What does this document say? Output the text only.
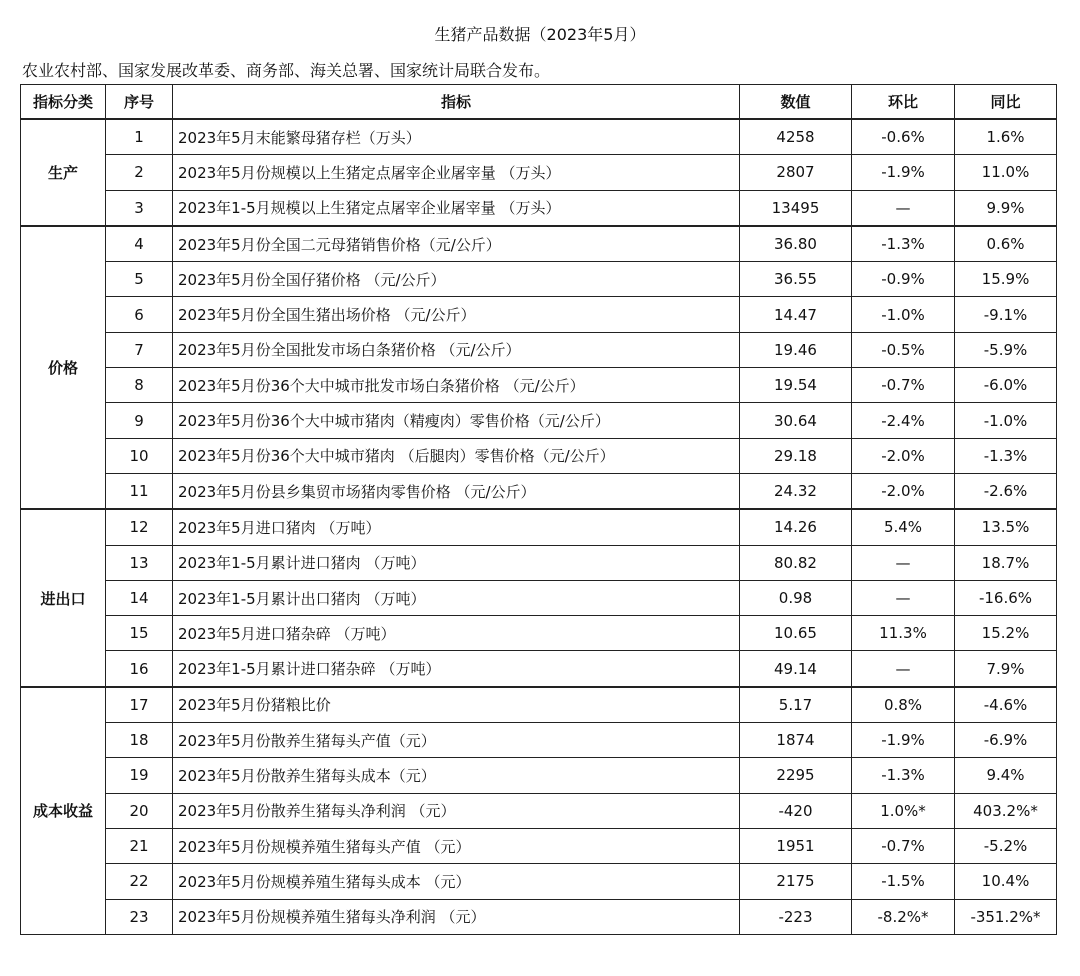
生猪产品数据（2023年5月）
农业农村部、国家发展改革委、商务部、海关总署、国家统计局联合发布。
指标分类	序号	指标	数值	环比	同比
生产	1	2023年5月末能繁母猪存栏（万头）	4258	-0.6%	1.6%
	2	2023年5月份规模以上生猪定点屠宰企业屠宰量 （万头）	2807	-1.9%	11.0%
	3	2023年1-5月规模以上生猪定点屠宰企业屠宰量 （万头）	13495	—	9.9%
价格	4	2023年5月份全国二元母猪销售价格（元/公斤）	36.80	-1.3%	0.6%
	5	2023年5月份全国仔猪价格 （元/公斤）	36.55	-0.9%	15.9%
	6	2023年5月份全国生猪出场价格 （元/公斤）	14.47	-1.0%	-9.1%
	7	2023年5月份全国批发市场白条猪价格 （元/公斤）	19.46	-0.5%	-5.9%
	8	2023年5月份36个大中城市批发市场白条猪价格 （元/公斤）	19.54	-0.7%	-6.0%
	9	2023年5月份36个大中城市猪肉（精瘦肉）零售价格（元/公斤）	30.64	-2.4%	-1.0%
	10	2023年5月份36个大中城市猪肉 （后腿肉）零售价格（元/公斤）	29.18	-2.0%	-1.3%
	11	2023年5月份县乡集贸市场猪肉零售价格 （元/公斤）	24.32	-2.0%	-2.6%
进出口	12	2023年5月进口猪肉 （万吨）	14.26	5.4%	13.5%
	13	2023年1-5月累计进口猪肉 （万吨）	80.82	—	18.7%
	14	2023年1-5月累计出口猪肉 （万吨）	0.98	—	-16.6%
	15	2023年5月进口猪杂碎 （万吨）	10.65	11.3%	15.2%
	16	2023年1-5月累计进口猪杂碎 （万吨）	49.14	—	7.9%
成本收益	17	2023年5月份猪粮比价	5.17	0.8%	-4.6%
	18	2023年5月份散养生猪每头产值（元）	1874	-1.9%	-6.9%
	19	2023年5月份散养生猪每头成本（元）	2295	-1.3%	9.4%
	20	2023年5月份散养生猪每头净利润 （元）	-420	1.0%*	403.2%*
	21	2023年5月份规模养殖生猪每头产值 （元）	1951	-0.7%	-5.2%
	22	2023年5月份规模养殖生猪每头成本 （元）	2175	-1.5%	10.4%
	23	2023年5月份规模养殖生猪每头净利润 （元）	-223	-8.2%*	-351.2%*
